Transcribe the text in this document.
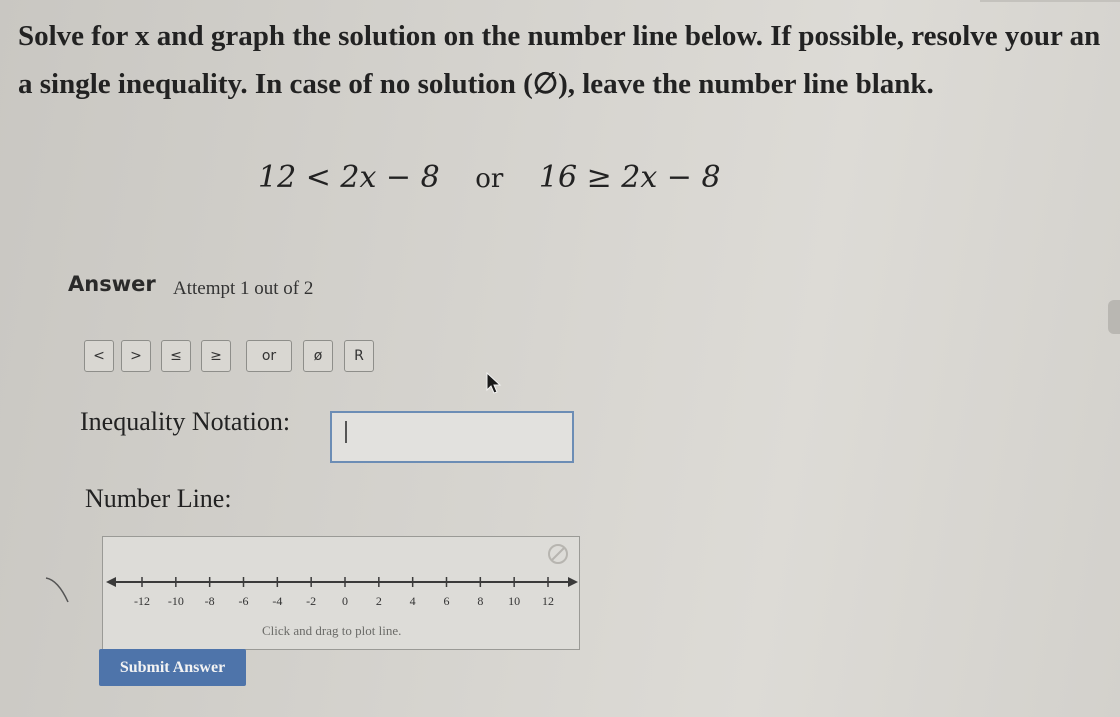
Solve for x and graph the solution on the number line below. If possible, resolve your an
a single inequality. In case of no solution (∅), leave the number line blank.
12 < 2x − 8 or 16 ≥ 2x − 8
Answer Attempt 1 out of 2
<	>	≤	≥	or	ø	R
Inequality Notation:
Number Line:
-12 -10 -8 -6 -4 -2 0 2 4 6 8 10 12
Click and drag to plot line.
Submit Answer
